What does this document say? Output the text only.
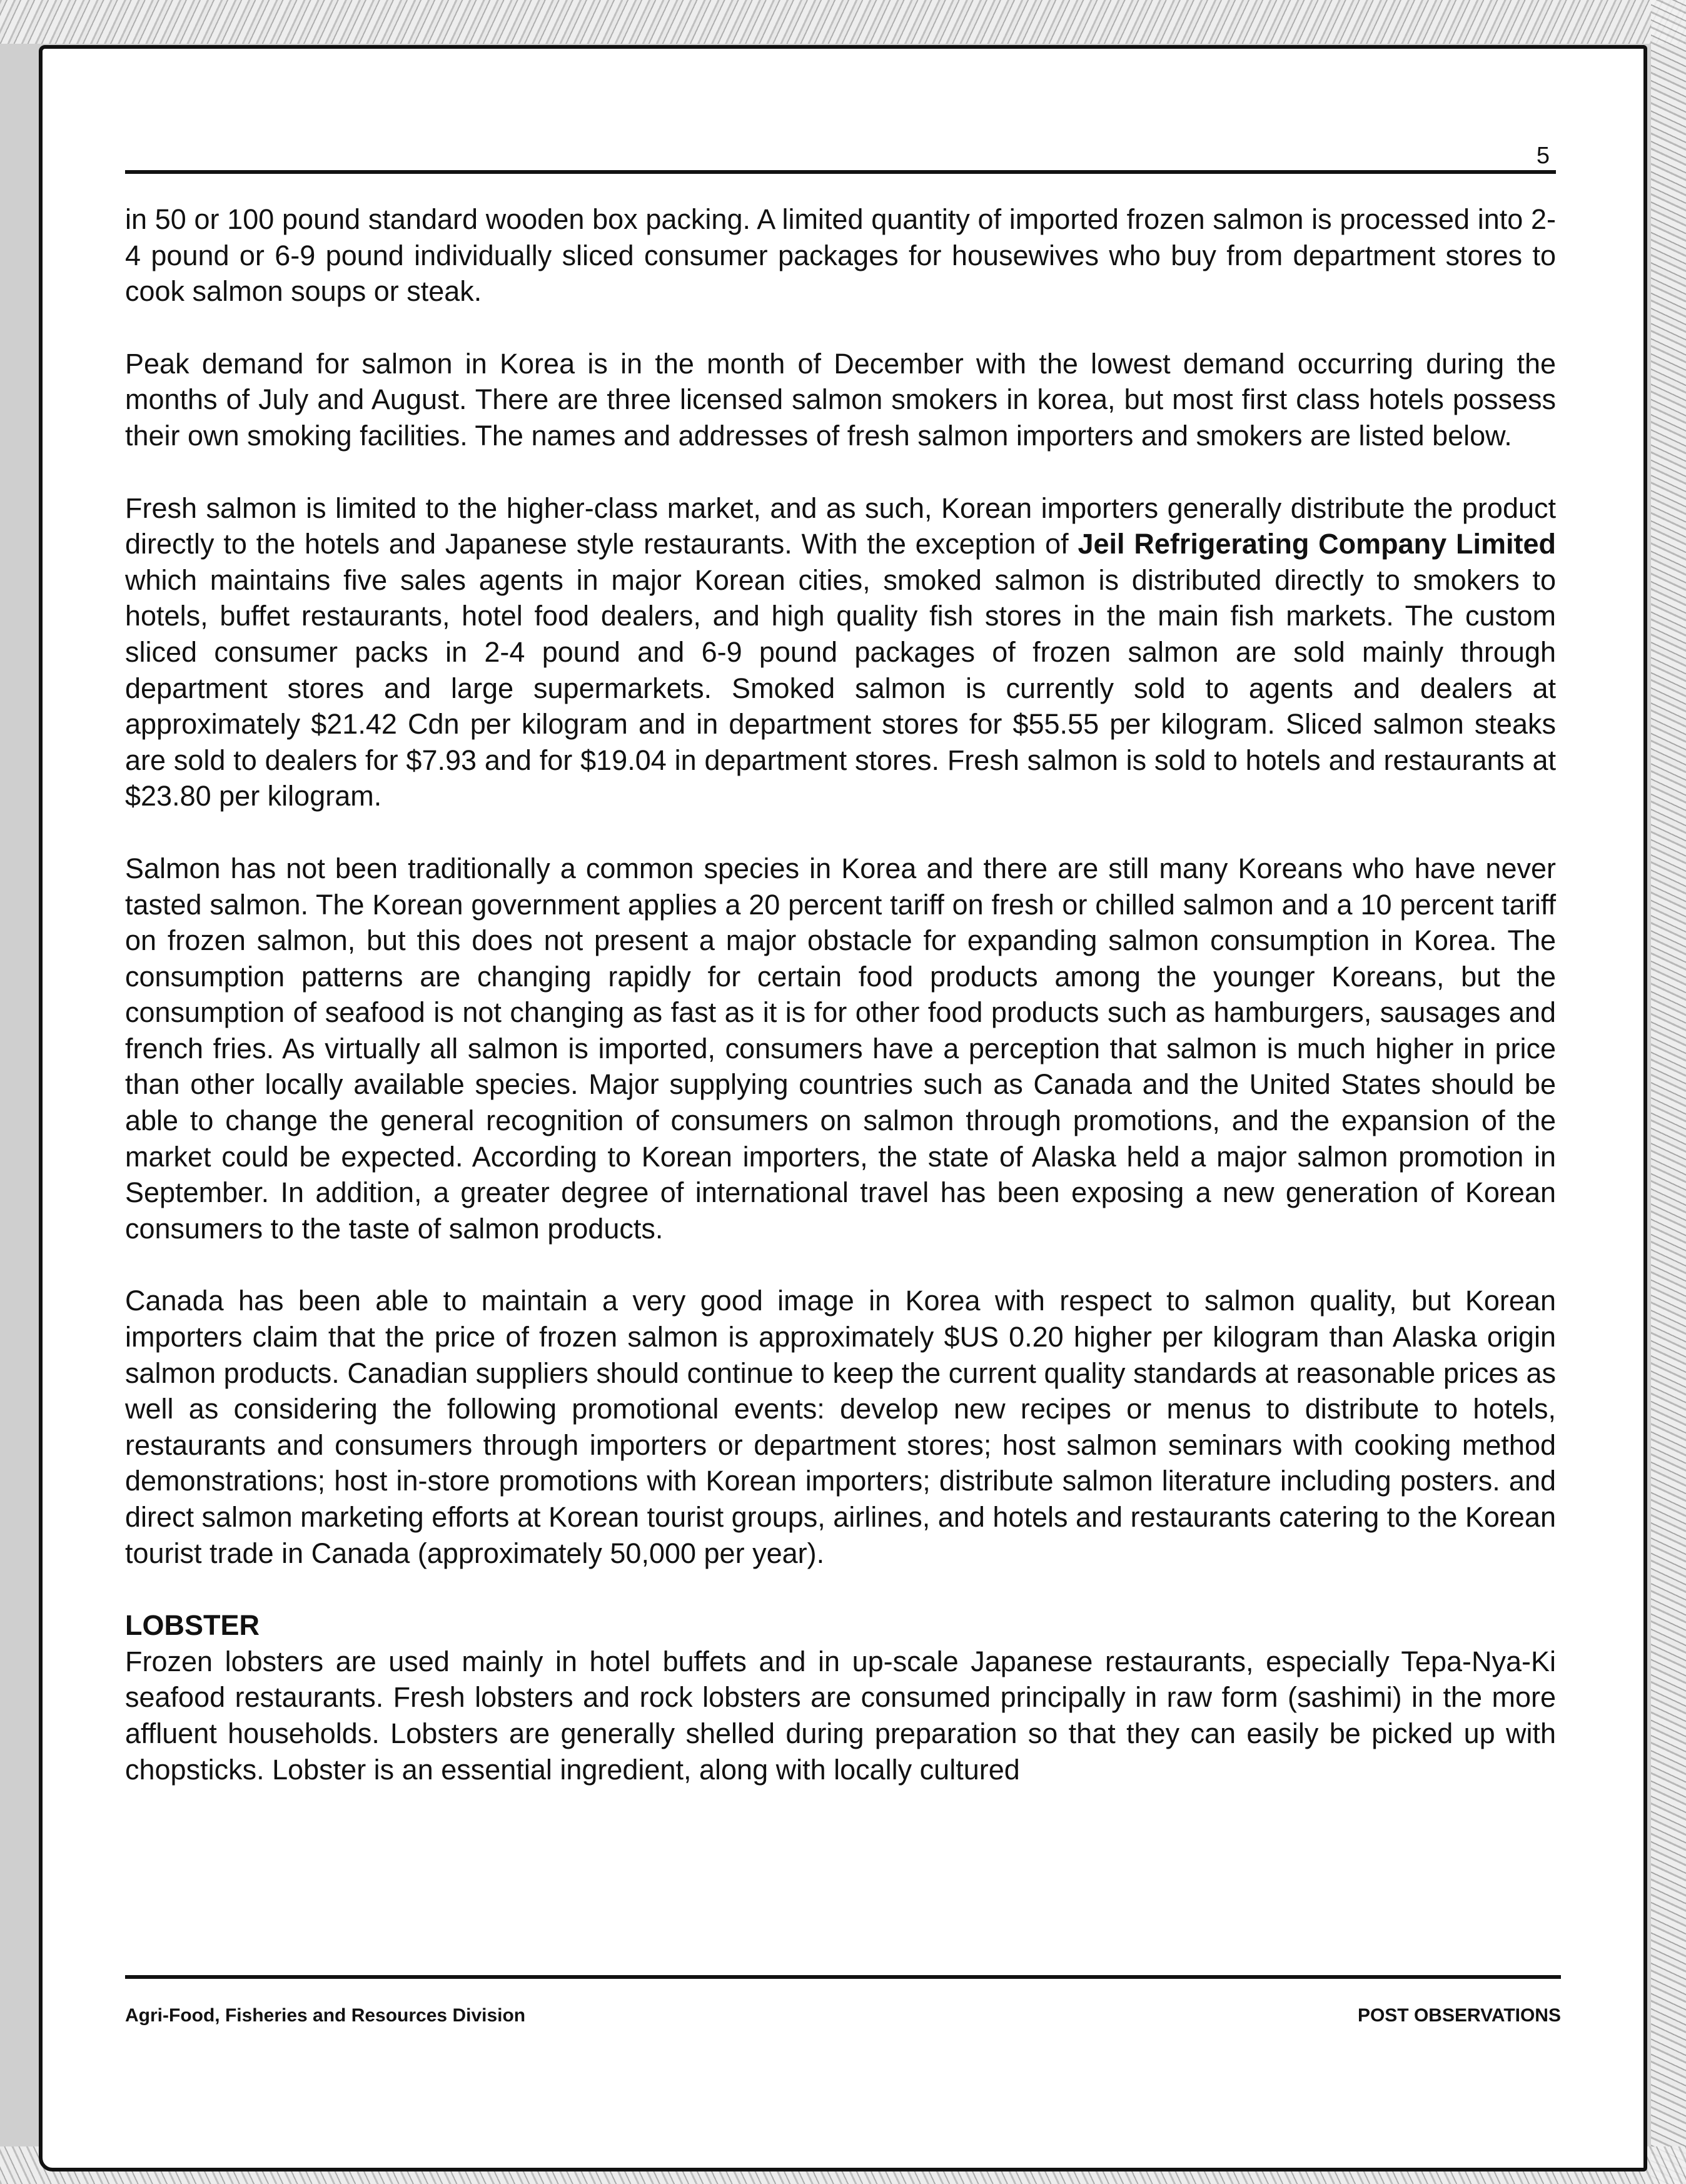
5

in 50 or 100 pound standard wooden box packing. A limited quantity of imported frozen salmon is processed into 2-4 pound or 6-9 pound individually sliced consumer packages for housewives who buy from department stores to cook salmon soups or steak.

Peak demand for salmon in Korea is in the month of December with the lowest demand occurring during the months of July and August. There are three licensed salmon smokers in korea, but most first class hotels possess their own smoking facilities. The names and addresses of fresh salmon importers and smokers are listed below.

Fresh salmon is limited to the higher-class market, and as such, Korean importers generally distribute the product directly to the hotels and Japanese style restaurants. With the exception of Jeil Refrigerating Company Limited which maintains five sales agents in major Korean cities, smoked salmon is distributed directly to smokers to hotels, buffet restaurants, hotel food dealers, and high quality fish stores in the main fish markets. The custom sliced consumer packs in 2-4 pound and 6-9 pound packages of frozen salmon are sold mainly through department stores and large supermarkets. Smoked salmon is currently sold to agents and dealers at approximately $21.42 Cdn per kilogram and in department stores for $55.55 per kilogram. Sliced salmon steaks are sold to dealers for $7.93 and for $19.04 in department stores. Fresh salmon is sold to hotels and restaurants at $23.80 per kilogram.

Salmon has not been traditionally a common species in Korea and there are still many Koreans who have never tasted salmon. The Korean government applies a 20 percent tariff on fresh or chilled salmon and a 10 percent tariff on frozen salmon, but this does not present a major obstacle for expanding salmon consumption in Korea. The consumption patterns are changing rapidly for certain food products among the younger Koreans, but the consumption of seafood is not changing as fast as it is for other food products such as hamburgers, sausages and french fries. As virtually all salmon is imported, consumers have a perception that salmon is much higher in price than other locally available species. Major supplying countries such as Canada and the United States should be able to change the general recognition of consumers on salmon through promotions, and the expansion of the market could be expected. According to Korean importers, the state of Alaska held a major salmon promotion in September. In addition, a greater degree of international travel has been exposing a new generation of Korean consumers to the taste of salmon products.

Canada has been able to maintain a very good image in Korea with respect to salmon quality, but Korean importers claim that the price of frozen salmon is approximately $US 0.20 higher per kilogram than Alaska origin salmon products. Canadian suppliers should continue to keep the current quality standards at reasonable prices as well as considering the following promotional events: develop new recipes or menus to distribute to hotels, restaurants and consumers through importers or department stores; host salmon seminars with cooking method demonstrations; host in-store promotions with Korean importers; distribute salmon literature including posters. and direct salmon marketing efforts at Korean tourist groups, airlines, and hotels and restaurants catering to the Korean tourist trade in Canada (approximately 50,000 per year).

LOBSTER

Frozen lobsters are used mainly in hotel buffets and in up-scale Japanese restaurants, especially Tepa-Nya-Ki seafood restaurants. Fresh lobsters and rock lobsters are consumed principally in raw form (sashimi) in the more affluent households. Lobsters are generally shelled during preparation so that they can easily be picked up with chopsticks. Lobster is an essential ingredient, along with locally cultured

Agri-Food, Fisheries and Resources Division	POST OBSERVATIONS
